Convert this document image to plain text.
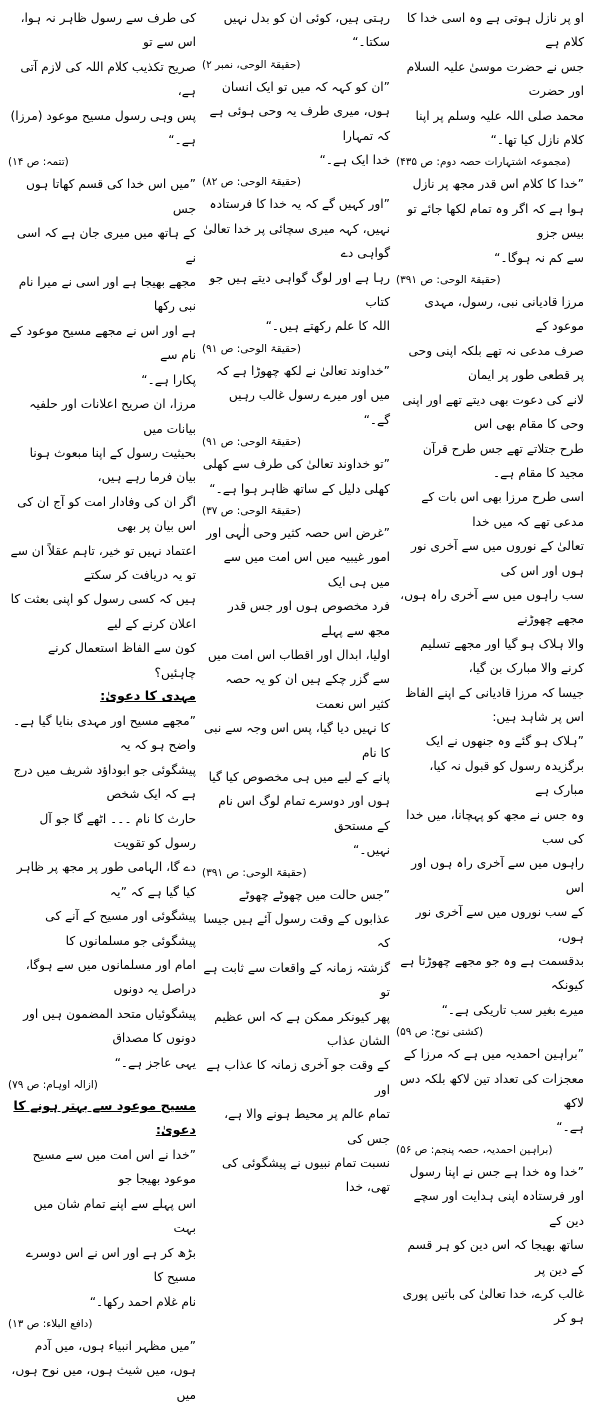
او پر نازل ہوتی ہے وہ اسی خدا کا کلام ہے
جس نے حضرت موسیٰ علیہ السلام اور حضرت
محمد صلی اللہ علیہ وسلم پر اپنا کلام نازل کیا تھا۔“
(مجموعہ اشتہارات حصہ دوم: ص ۴۳۵)
”خدا کا کلام اس قدر مجھ پر نازل
ہوا ہے کہ اگر وہ تمام لکھا جائے تو بیس جزو
سے کم نہ ہوگا۔“
(حقیقۃ الوحی: ص ۳۹۱)
مرزا قادیانی نبی، رسول، مہدی موعود کے
صرف مدعی نہ تھے بلکہ اپنی وحی پر قطعی طور پر ایمان
لانے کی دعوت بھی دیتے تھے اور اپنی وحی کا مقام بھی اس
طرح جتلاتے تھے جس طرح قرآن مجید کا مقام ہے۔
اسی طرح مرزا بھی اس بات کے مدعی تھے کہ میں خدا
تعالیٰ کے نوروں میں سے آخری نور ہوں اور اس کی
سب راہوں میں سے آخری راہ ہوں، مجھے چھوڑنے
والا ہلاک ہو گیا اور مجھے تسلیم کرنے والا مبارک بن گیا،
جیسا کہ مرزا قادیانی کے اپنے الفاظ اس پر شاہد ہیں:
”ہلاک ہو گئے وہ جنھوں نے ایک
برگزیدہ رسول کو قبول نہ کیا، مبارک ہے
وہ جس نے مجھ کو پہچانا، میں خدا کی سب
راہوں میں سے آخری راہ ہوں اور اس
کے سب نوروں میں سے آخری نور ہوں،
بدقسمت ہے وہ جو مجھے چھوڑتا ہے کیونکہ
میرے بغیر سب تاریکی ہے۔“
(کشتی نوح: ص ۵۹)
”براہین احمدیہ میں ہے کہ مرزا کے
معجزات کی تعداد تین لاکھ بلکہ دس لاکھ
ہے۔“
(براہین احمدیہ، حصہ پنجم: ص ۵۶)
”خدا وہ خدا ہے جس نے اپنا رسول
اور فرستادہ اپنی ہدایت اور سچے دین کے
ساتھ بھیجا کہ اس دین کو ہر قسم کے دین پر
غالب کرے، خدا تعالیٰ کی باتیں پوری ہو کر
رہتی ہیں، کوئی ان کو بدل نہیں سکتا۔“
(حقیقۃ الوحی، نمبر ۲)
”ان کو کہہ کہ میں تو ایک انسان
ہوں، میری طرف یہ وحی ہوئی ہے کہ تمہارا
خدا ایک ہے۔“
(حقیقۃ الوحی: ص ۸۲)
”اور کہیں گے کہ یہ خدا کا فرستادہ
نہیں، کہہ میری سچائی پر خدا تعالیٰ گواہی دے
رہا ہے اور لوگ گواہی دیتے ہیں جو کتاب
اللہ کا علم رکھتے ہیں۔“
(حقیقۃ الوحی: ص ۹۱)
”خداوند تعالیٰ نے لکھ چھوڑا ہے کہ
میں اور میرے رسول غالب رہیں گے۔“
(حقیقۃ الوحی: ص ۹۱)
”تو خداوند تعالیٰ کی طرف سے کھلی
کھلی دلیل کے ساتھ ظاہر ہوا ہے۔“
(حقیقۃ الوحی: ص ۳۷)
”غرض اس حصہ کثیر وحی الٰہی اور
امور غیبیہ میں اس امت میں سے میں ہی ایک
فرد مخصوص ہوں اور جس قدر مجھ سے پہلے
اولیا، ابدال اور اقطاب اس امت میں
سے گزر چکے ہیں ان کو یہ حصہ کثیر اس نعمت
کا نہیں دیا گیا، پس اس وجہ سے نبی کا نام
پانے کے لیے میں ہی مخصوص کیا گیا
ہوں اور دوسرے تمام لوگ اس نام کے مستحق
نہیں۔“
(حقیقۃ الوحی: ص ۳۹۱)
”جس حالت میں چھوٹے چھوٹے
عذابوں کے وقت رسول آئے ہیں جیسا کہ
گزشتہ زمانہ کے واقعات سے ثابت ہے تو
پھر کیونکر ممکن ہے کہ اس عظیم الشان عذاب
کے وقت جو آخری زمانہ کا عذاب ہے اور
تمام عالم پر محیط ہونے والا ہے، جس کی
نسبت تمام نبیوں نے پیشگوئی کی تھی، خدا
کی طرف سے رسول ظاہر نہ ہوا، اس سے تو
صریح تکذیب کلام اللہ کی لازم آتی ہے،
پس وہی رسول مسیح موعود (مرزا) ہے۔“
(تتمہ: ص ۱۴)
”میں اس خدا کی قسم کھاتا ہوں جس
کے ہاتھ میں میری جان ہے کہ اسی نے
مجھے بھیجا ہے اور اسی نے میرا نام نبی رکھا
ہے اور اس نے مجھے مسیح موعود کے نام سے
پکارا ہے۔“
مرزا، ان صریح اعلانات اور حلفیہ بیانات میں
بحیثیت رسول کے اپنا مبعوث ہونا بیان فرما رہے ہیں،
اگر ان کی وفادار امت کو آج ان کی اس بیان پر بھی
اعتماد نہیں تو خیر، تاہم عقلاً ان سے تو یہ دریافت کر سکتے
ہیں کہ کسی رسول کو اپنی بعثت کا اعلان کرنے کے لیے
کون سے الفاظ استعمال کرنے چاہئیں؟
مہدی کا دعویٰ:
”مجھے مسیح اور مہدی بنایا گیا ہے۔ واضح ہو کہ یہ
پیشگوئی جو ابوداؤد شریف میں درج ہے کہ ایک شخص
حارث کا نام ۔۔۔ اٹھے گا جو آل رسول کو تقویت
دے گا، الہامی طور پر مجھ پر ظاہر کیا گیا ہے کہ ”یہ
پیشگوئی اور مسیح کے آنے کی پیشگوئی جو مسلمانوں کا
امام اور مسلمانوں میں سے ہوگا، دراصل یہ دونوں
پیشگوئیاں متحد المضمون ہیں اور دونوں کا مصداق
یہی عاجز ہے۔“
(ازالہ اوہام: ص ۷۹)
مسیح موعود سے بہتر ہونے کا دعویٰ:
”خدا نے اس امت میں سے مسیح موعود بھیجا جو
اس پہلے سے اپنے تمام شان میں بہت
بڑھ کر ہے اور اس نے اس دوسرے مسیح کا
نام غلام احمد رکھا۔“
(دافع البلاء: ص ۱۳)
”میں مظہر انبیاء ہوں، میں آدم
ہوں، میں شیث ہوں، میں نوح ہوں، میں
